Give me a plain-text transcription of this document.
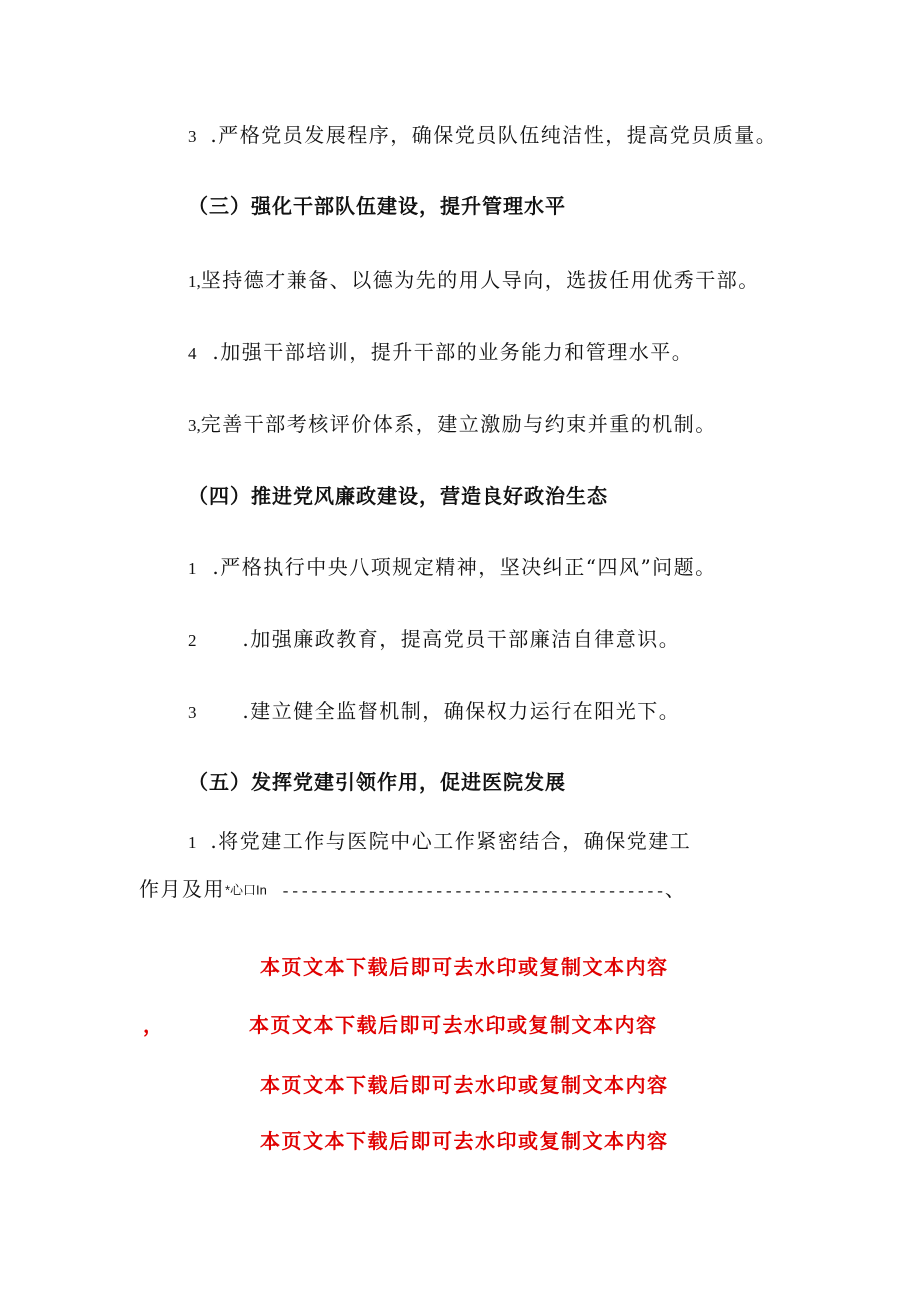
3 .严格党员发展程序，确保党员队伍纯洁性，提高党员质量。
（三）强化干部队伍建设，提升管理水平
1,坚持德才兼备、以德为先的用人导向，选拔任用优秀干部。
4 .加强干部培训，提升干部的业务能力和管理水平。
3,完善干部考核评价体系，建立激励与约束并重的机制。
（四）推进党风廉政建设，营造良好政治生态
1 .严格执行中央八项规定精神，坚决纠正“四风”问题。
2 .加强廉政教育，提高党员干部廉洁自律意识。
3 .建立健全监督机制，确保权力运行在阳光下。
（五）发挥党建引领作用，促进医院发展
1 .将党建工作与医院中心工作紧密结合，确保党建工
作月及用*心口In ----------------------------------------、
本页文本下载后即可去水印或复制文本内容
，	本页文本下载后即可去水印或复制文本内容
本页文本下载后即可去水印或复制文本内容
本页文本下载后即可去水印或复制文本内容
